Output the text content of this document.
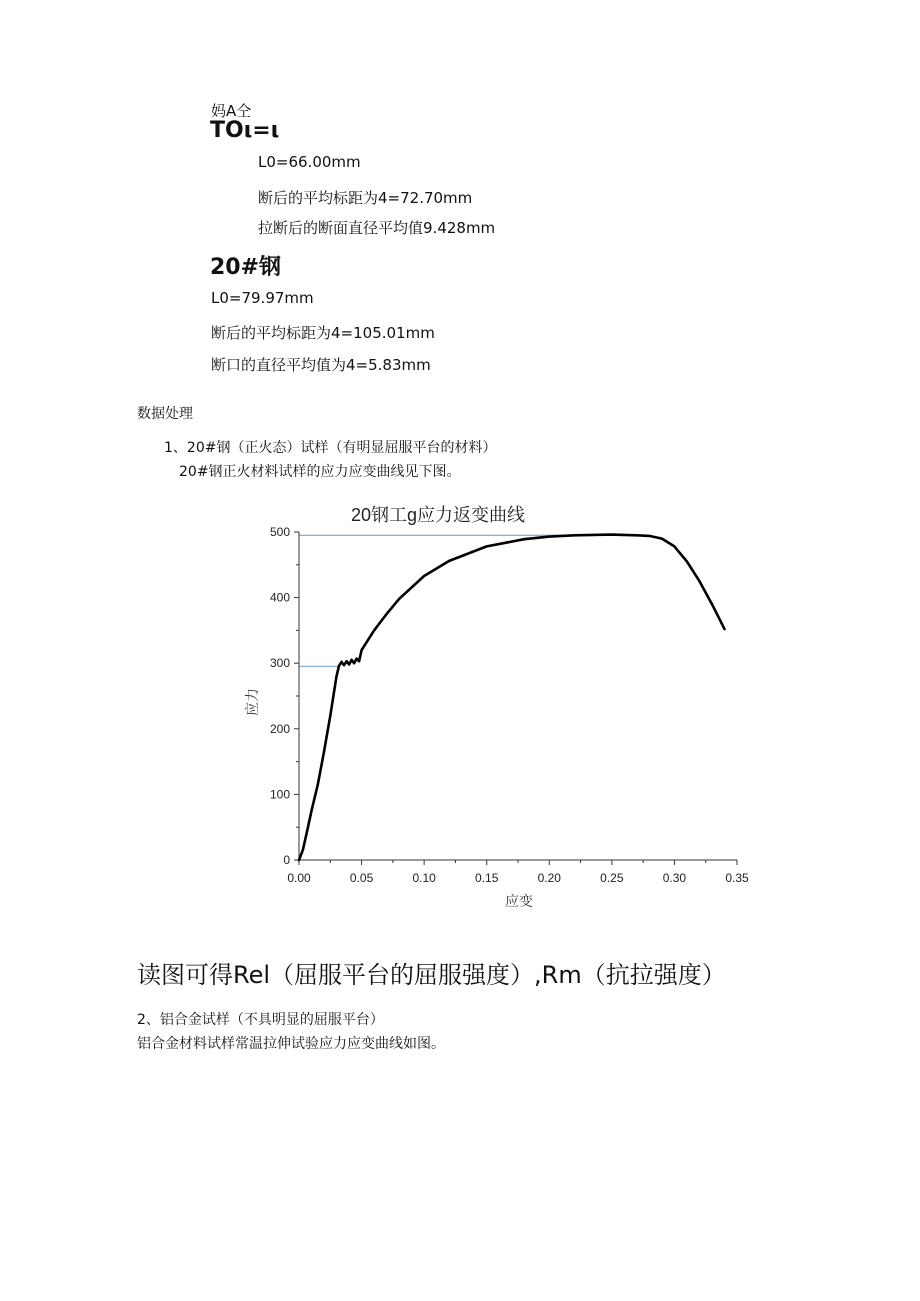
妈A仝
TOι=ι
L0=66.00mm
断后的平均标距为4=72.70mm
拉断后的断面直径平均值9.428mm
20#钢
L0=79.97mm
断后的平均标距为4=105.01mm
断口的直径平均值为4=5.83mm
数据处理
1、20#钢（正火态）试样（有明显屈服平台的材料）
20#钢正火材料试样的应力应变曲线见下图。
20钢工g应力返变曲线
0.00	0.05	0.10	0.15	0.20	0.25	0.30	0.35
0
100
200
300
400
500
应变
应力
读图可得Rel（屈服平台的屈服强度）,Rm（抗拉强度）
2、铝合金试样（不具明显的屈服平台）
铝合金材料试样常温拉伸试验应力应变曲线如图。
